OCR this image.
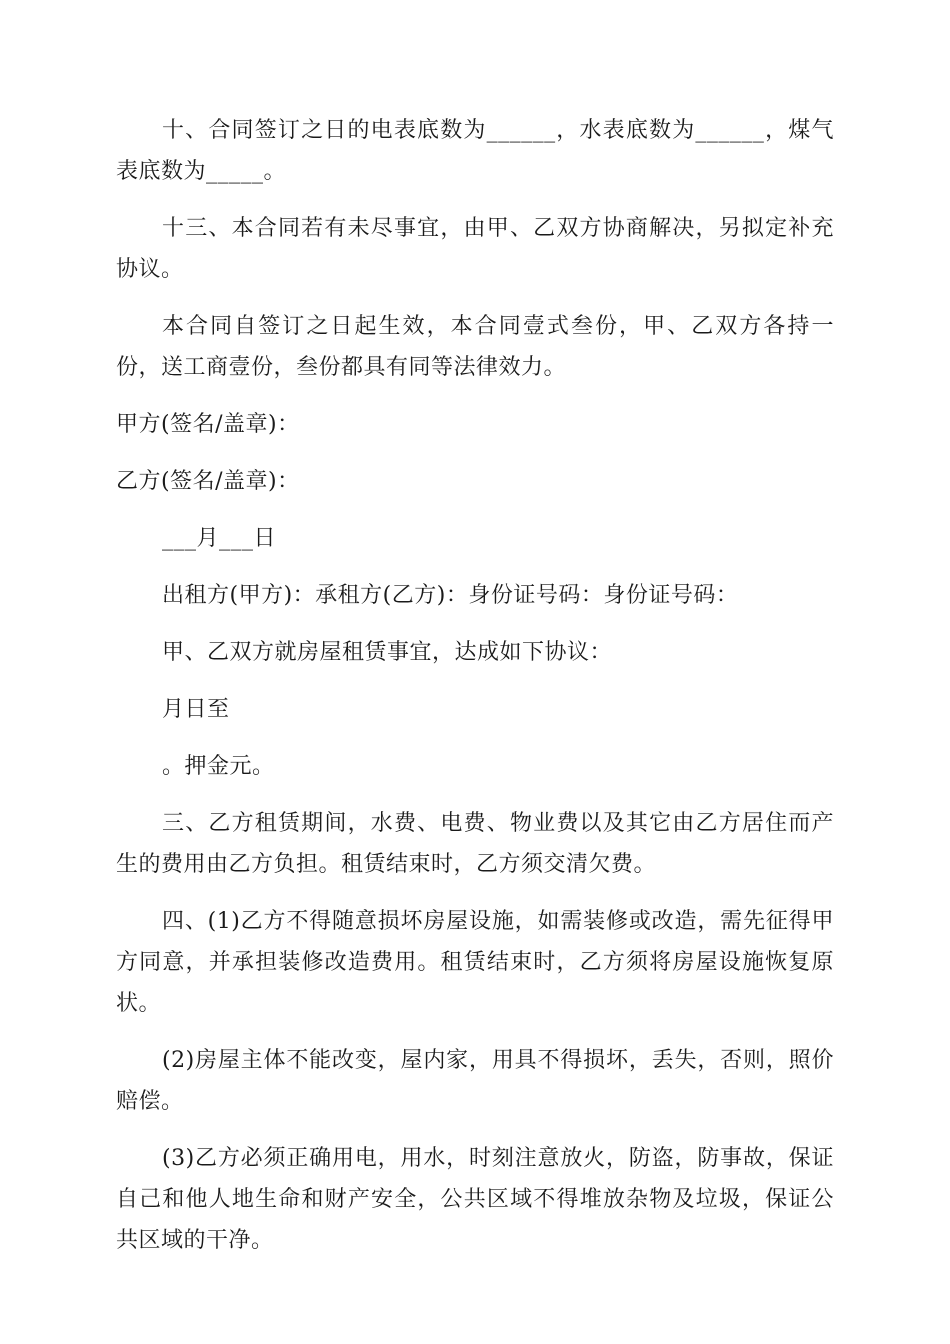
十、合同签订之日的电表底数为______，水表底数为______，煤气表底数为_____。

十三、本合同若有未尽事宜，由甲、乙双方协商解决，另拟定补充协议。

本合同自签订之日起生效，本合同壹式叁份，甲、乙双方各持一份，送工商壹份，叁份都具有同等法律效力。

甲方(签名/盖章)：

乙方(签名/盖章)：

___月___日

出租方(甲方)：承租方(乙方)：身份证号码：身份证号码：

甲、乙双方就房屋租赁事宜，达成如下协议：

月日至

。押金元。

三、乙方租赁期间，水费、电费、物业费以及其它由乙方居住而产生的费用由乙方负担。租赁结束时，乙方须交清欠费。

四、(1)乙方不得随意损坏房屋设施，如需装修或改造，需先征得甲方同意，并承担装修改造费用。租赁结束时，乙方须将房屋设施恢复原状。

(2)房屋主体不能改变，屋内家，用具不得损坏，丢失，否则，照价赔偿。

(3)乙方必须正确用电，用水，时刻注意放火，防盗，防事故，保证自己和他人地生命和财产安全，公共区域不得堆放杂物及垃圾，保证公共区域的干净。
